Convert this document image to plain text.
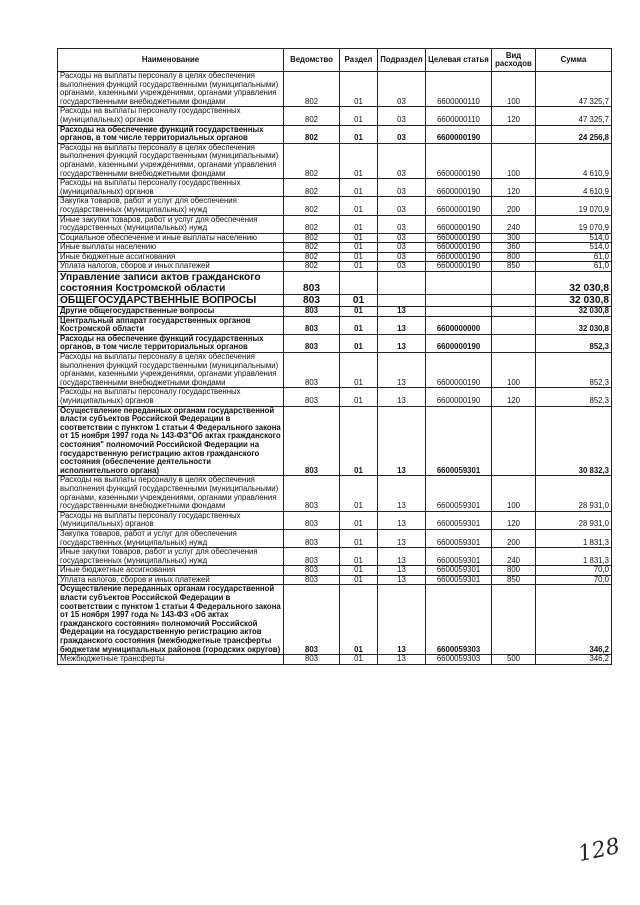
Наименование	Ведомство	Раздел	Подраздел	Целевая статья	Вид расходов	Сумма
Расходы на выплаты персоналу в целях обеспечения выполнения функций государственными (муниципальными) органами, казенными учреждениями, органами управления государственными внебюджетными фондами	802	01	03	6600000110	100	47 325,7
Расходы на выплаты персоналу государственных (муниципальных) органов	802	01	03	6600000110	120	47 325,7
Расходы на обеспечение функций государственных органов, в том числе территориальных органов	802	01	03	6600000190		24 256,8
Расходы на выплаты персоналу в целях обеспечения выполнения функций государственными (муниципальными) органами, казенными учреждениями, органами управления государственными внебюджетными фондами	802	01	03	6600000190	100	4 610,9
Расходы на выплаты персоналу государственных (муниципальных) органов	802	01	03	6600000190	120	4 610,9
Закупка товаров, работ и услуг для обеспечения государственных (муниципальных) нужд	802	01	03	6600000190	200	19 070,9
Иные закупки товаров, работ и услуг для обеспечения государственных (муниципальных) нужд	802	01	03	6600000190	240	19 070,9
Социальное обеспечение и иные выплаты населению	802	01	03	6600000190	300	514,0
Иные выплаты населению	802	01	03	6600000190	360	514,0
Иные бюджетные ассигнования	802	01	03	6600000190	800	61,0
Уплата налогов, сборов и иных платежей	802	01	03	6600000190	850	61,0
Управление записи актов гражданского состояния Костромской области	803					32 030,8
ОБЩЕГОСУДАРСТВЕННЫЕ ВОПРОСЫ	803	01				32 030,8
Другие общегосударственные вопросы	803	01	13			32 030,8
Центральный аппарат государственных органов Костромской области	803	01	13	6600000000		32 030,8
Расходы на обеспечение функций государственных органов, в том числе территориальных органов	803	01	13	6600000190		852,3
Расходы на выплаты персоналу в целях обеспечения выполнения функций государственными (муниципальными) органами, казенными учреждениями, органами управления государственными внебюджетными фондами	803	01	13	6600000190	100	852,3
Расходы на выплаты персоналу государственных (муниципальных) органов	803	01	13	6600000190	120	852,3
Осуществление переданных органам государственной власти субъектов Российской Федерации в соответствии с пунктом 1 статьи 4 Федерального закона от 15 ноября 1997 года № 143-ФЗ"Об актах гражданского состояния" полномочий Российской Федерации на государственную регистрацию актов гражданского состояния (обеспечение деятельности исполнительного органа)	803	01	13	6600059301		30 832,3
Расходы на выплаты персоналу в целях обеспечения выполнения функций государственными (муниципальными) органами, казенными учреждениями, органами управления государственными внебюджетными фондами	803	01	13	6600059301	100	28 931,0
Расходы на выплаты персоналу государственных (муниципальных) органов	803	01	13	6600059301	120	28 931,0
Закупка товаров, работ и услуг для обеспечения государственных (муниципальных) нужд	803	01	13	6600059301	200	1 831,3
Иные закупки товаров, работ и услуг для обеспечения государственных (муниципальных) нужд	803	01	13	6600059301	240	1 831,3
Иные бюджетные ассигнования	803	01	13	6600059301	800	70,0
Уплата налогов, сборов и иных платежей	803	01	13	6600059301	850	70,0
Осуществление переданных органам государственной власти субъектов Российской Федерации в соответствии с пунктом 1 статьи 4 Федерального закона от 15 ноября 1997 года № 143-ФЗ «Об актах гражданского состояния» полномочий Российской Федерации на государственную регистрацию актов гражданского состояния (межбюджетные трансферты бюджетам муниципальных районов (городских округов)	803	01	13	6600059303		346,2
Межбюджетные трансферты	803	01	13	6600059303	500	346,2
128
